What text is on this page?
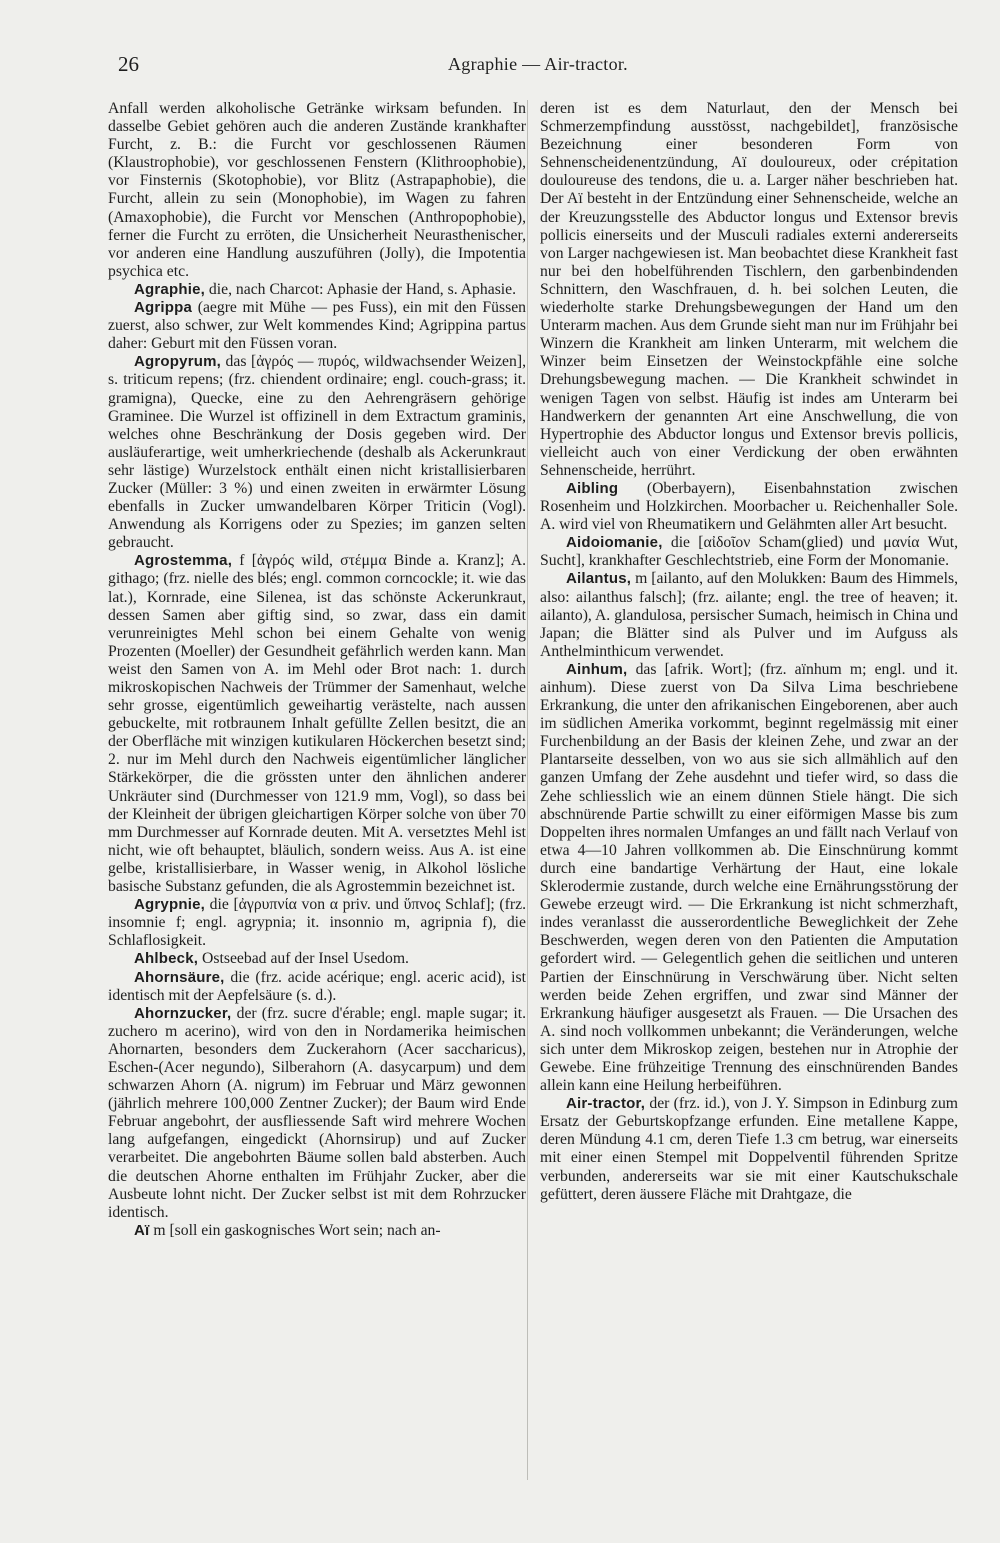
26	Agraphie — Air-tractor.

Anfall werden alkoholische Getränke wirksam befunden. In dasselbe Gebiet gehören auch die anderen Zustände krankhafter Furcht, z. B.: die Furcht vor geschlossenen Räumen (Klaustrophobie), vor geschlossenen Fenstern (Klithroophobie), vor Finsternis (Skotophobie), vor Blitz (Astrapaphobie), die Furcht, allein zu sein (Monophobie), im Wagen zu fahren (Amaxophobie), die Furcht vor Menschen (Anthropophobie), ferner die Furcht zu erröten, die Unsicherheit Neurasthenischer, vor anderen eine Handlung auszuführen (Jolly), die Impotentia psychica etc.

Agraphie, die, nach Charcot: Aphasie der Hand, s. Aphasie.

Agrippa (aegre mit Mühe — pes Fuss), ein mit den Füssen zuerst, also schwer, zur Welt kommendes Kind; Agrippina partus daher: Geburt mit den Füssen voran.

Agropyrum, das [ἀγρός — πυρός, wildwachsender Weizen], s. triticum repens; (frz. chiendent ordinaire; engl. couch-grass; it. gramigna), Quecke, eine zu den Aehrengräsern gehörige Graminee. Die Wurzel ist offizinell in dem Extractum graminis, welches ohne Beschränkung der Dosis gegeben wird. Der ausläuferartige, weit umherkriechende (deshalb als Ackerunkraut sehr lästige) Wurzelstock enthält einen nicht kristallisierbaren Zucker (Müller: 3 %) und einen zweiten in erwärmter Lösung ebenfalls in Zucker umwandelbaren Körper Triticin (Vogl). Anwendung als Korrigens oder zu Spezies; im ganzen selten gebraucht.

Agrostemma, f [ἀγρός wild, στέμμα Binde a. Kranz]; A. githago; (frz. nielle des blés; engl. common corncockle; it. wie das lat.), Kornrade, eine Silenea, ist das schönste Ackerunkraut, dessen Samen aber giftig sind, so zwar, dass ein damit verunreinigtes Mehl schon bei einem Gehalte von wenig Prozenten (Moeller) der Gesundheit gefährlich werden kann. Man weist den Samen von A. im Mehl oder Brot nach: 1. durch mikroskopischen Nachweis der Trümmer der Samenhaut, welche sehr grosse, eigentümlich geweihartig verästelte, nach aussen gebuckelte, mit rotbraunem Inhalt gefüllte Zellen besitzt, die an der Oberfläche mit winzigen kutikularen Höckerchen besetzt sind; 2. nur im Mehl durch den Nachweis eigentümlicher länglicher Stärkekörper, die die grössten unter den ähnlichen anderer Unkräuter sind (Durchmesser von 121.9 mm, Vogl), so dass bei der Kleinheit der übrigen gleichartigen Körper solche von über 70 mm Durchmesser auf Kornrade deuten. Mit A. versetztes Mehl ist nicht, wie oft behauptet, bläulich, sondern weiss. Aus A. ist eine gelbe, kristallisierbare, in Wasser wenig, in Alkohol lösliche basische Substanz gefunden, die als Agrostemmin bezeichnet ist.

Agrypnie, die [ἀγρυπνία von α priv. und ὕπνος Schlaf]; (frz. insomnie f; engl. agrypnia; it. insonnio m, agripnia f), die Schlaflosigkeit.

Ahlbeck, Ostseebad auf der Insel Usedom.

Ahornsäure, die (frz. acide acérique; engl. aceric acid), ist identisch mit der Aepfelsäure (s. d.).

Ahornzucker, der (frz. sucre d'érable; engl. maple sugar; it. zuchero m acerino), wird von den in Nordamerika heimischen Ahornarten, besonders dem Zuckerahorn (Acer saccharicus), Eschen-(Acer negundo), Silberahorn (A. dasycarpum) und dem schwarzen Ahorn (A. nigrum) im Februar und März gewonnen (jährlich mehrere 100,000 Zentner Zucker); der Baum wird Ende Februar angebohrt, der ausfliessende Saft wird mehrere Wochen lang aufgefangen, eingedickt (Ahornsirup) und auf Zucker verarbeitet. Die angebohrten Bäume sollen bald absterben. Auch die deutschen Ahorne enthalten im Frühjahr Zucker, aber die Ausbeute lohnt nicht. Der Zucker selbst ist mit dem Rohrzucker identisch.

Aï m [soll ein gaskognisches Wort sein; nach an-

deren ist es dem Naturlaut, den der Mensch bei Schmerzempfindung ausstösst, nachgebildet], französische Bezeichnung einer besonderen Form von Sehnenscheidenentzündung, Aï douloureux, oder crépitation douloureuse des tendons, die u. a. Larger näher beschrieben hat. Der Aï besteht in der Entzündung einer Sehnenscheide, welche an der Kreuzungsstelle des Abductor longus und Extensor brevis pollicis einerseits und der Musculi radiales externi andererseits von Larger nachgewiesen ist. Man beobachtet diese Krankheit fast nur bei den hobelführenden Tischlern, den garbenbindenden Schnittern, den Waschfrauen, d. h. bei solchen Leuten, die wiederholte starke Drehungsbewegungen der Hand um den Unterarm machen. Aus dem Grunde sieht man nur im Frühjahr bei Winzern die Krankheit am linken Unterarm, mit welchem die Winzer beim Einsetzen der Weinstockpfähle eine solche Drehungsbewegung machen. — Die Krankheit schwindet in wenigen Tagen von selbst. Häufig ist indes am Unterarm bei Handwerkern der genannten Art eine Anschwellung, die von Hypertrophie des Abductor longus und Extensor brevis pollicis, vielleicht auch von einer Verdickung der oben erwähnten Sehnenscheide, herrührt.

Aibling (Oberbayern), Eisenbahnstation zwischen Rosenheim und Holzkirchen. Moorbacher u. Reichenhaller Sole. A. wird viel von Rheumatikern und Gelähmten aller Art besucht.

Aidoiomanie, die [αἰδοῖον Scham(glied) und μανία Wut, Sucht], krankhafter Geschlechtstrieb, eine Form der Monomanie.

Ailantus, m [ailanto, auf den Molukken: Baum des Himmels, also: ailanthus falsch]; (frz. ailante; engl. the tree of heaven; it. ailanto), A. glandulosa, persischer Sumach, heimisch in China und Japan; die Blätter sind als Pulver und im Aufguss als Anthelminthicum verwendet.

Ainhum, das [afrik. Wort]; (frz. aïnhum m; engl. und it. ainhum). Diese zuerst von Da Silva Lima beschriebene Erkrankung, die unter den afrikanischen Eingeborenen, aber auch im südlichen Amerika vorkommt, beginnt regelmässig mit einer Furchenbildung an der Basis der kleinen Zehe, und zwar an der Plantarseite desselben, von wo aus sie sich allmählich auf den ganzen Umfang der Zehe ausdehnt und tiefer wird, so dass die Zehe schliesslich wie an einem dünnen Stiele hängt. Die sich abschnürende Partie schwillt zu einer eiförmigen Masse bis zum Doppelten ihres normalen Umfanges an und fällt nach Verlauf von etwa 4—10 Jahren vollkommen ab. Die Einschnürung kommt durch eine bandartige Verhärtung der Haut, eine lokale Sklerodermie zustande, durch welche eine Ernährungsstörung der Gewebe erzeugt wird. — Die Erkrankung ist nicht schmerzhaft, indes veranlasst die ausserordentliche Beweglichkeit der Zehe Beschwerden, wegen deren von den Patienten die Amputation gefordert wird. — Gelegentlich gehen die seitlichen und unteren Partien der Einschnürung in Verschwärung über. Nicht selten werden beide Zehen ergriffen, und zwar sind Männer der Erkrankung häufiger ausgesetzt als Frauen. — Die Ursachen des A. sind noch vollkommen unbekannt; die Veränderungen, welche sich unter dem Mikroskop zeigen, bestehen nur in Atrophie der Gewebe. Eine frühzeitige Trennung des einschnürenden Bandes allein kann eine Heilung herbeiführen.

Air-tractor, der (frz. id.), von J. Y. Simpson in Edinburg zum Ersatz der Geburtskopfzange erfunden. Eine metallene Kappe, deren Mündung 4.1 cm, deren Tiefe 1.3 cm betrug, war einerseits mit einer einen Stempel mit Doppelventil führenden Spritze verbunden, andererseits war sie mit einer Kautschukschale gefüttert, deren äussere Fläche mit Drahtgaze, die
